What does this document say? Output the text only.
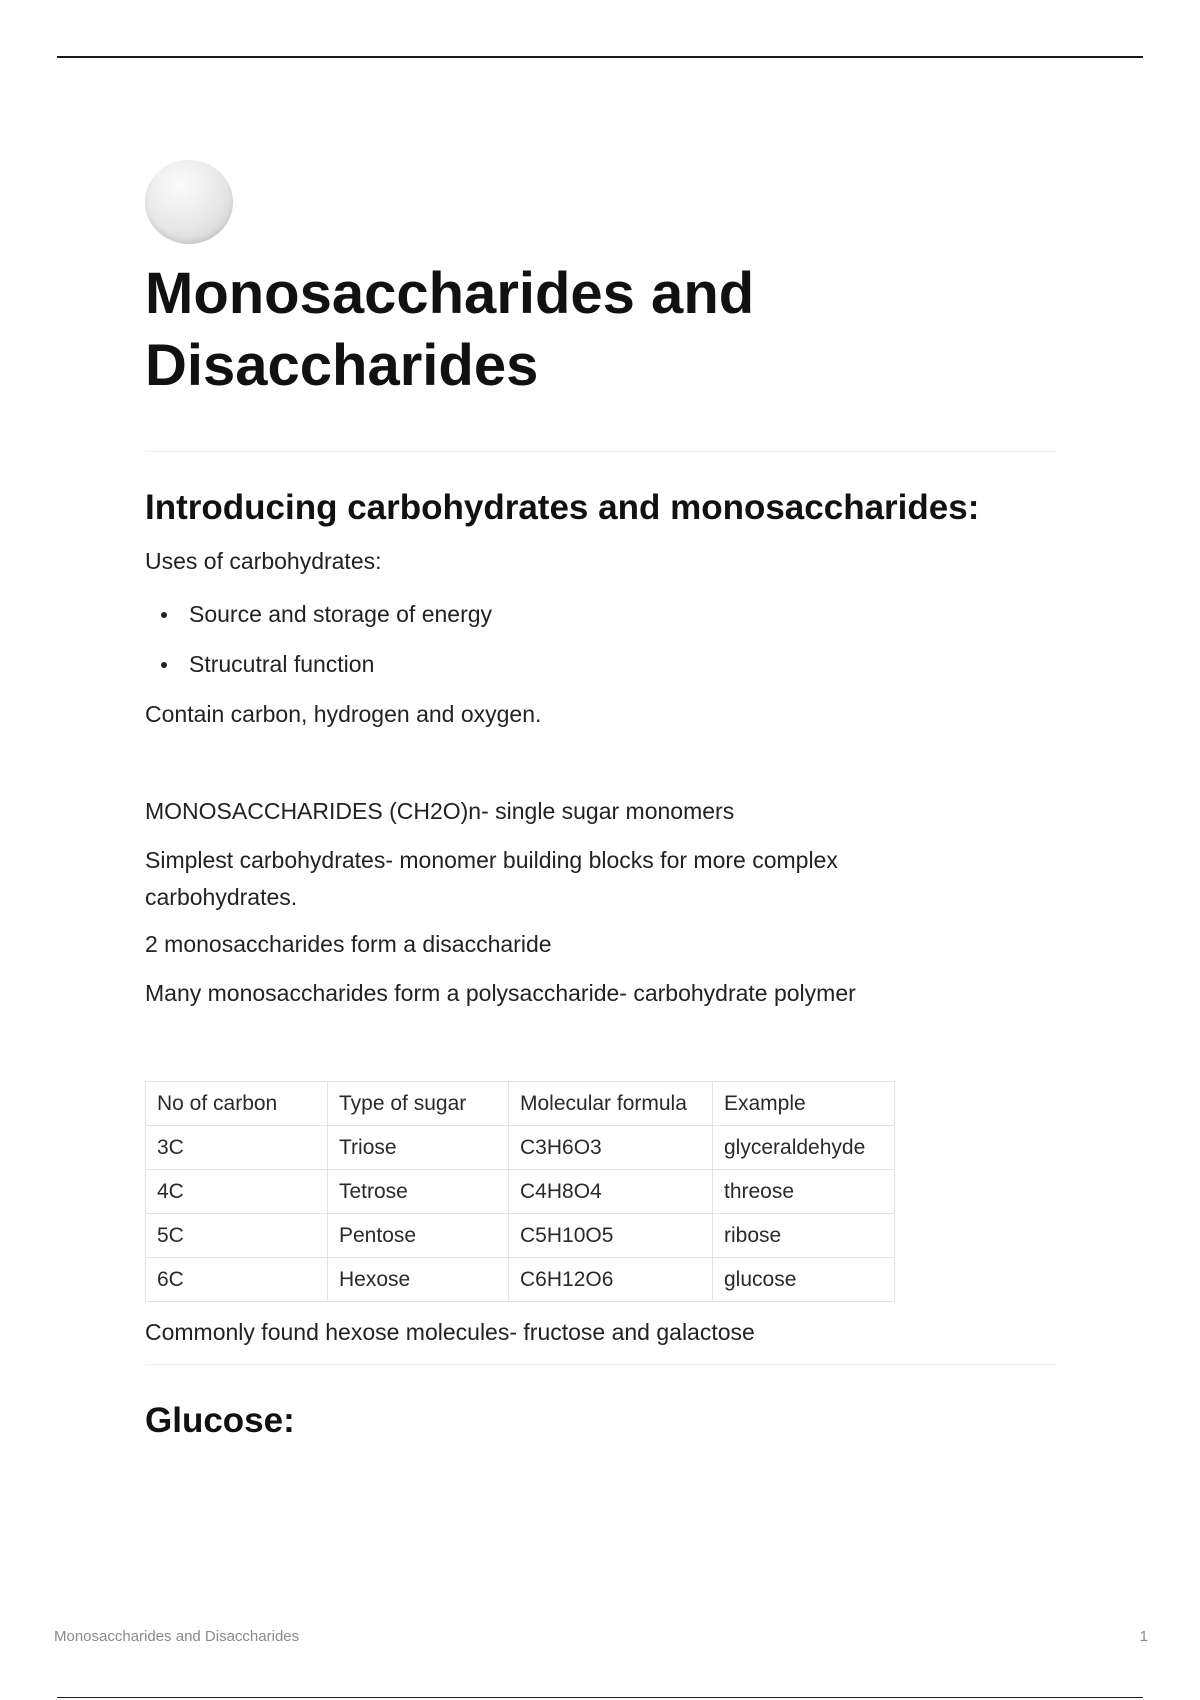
Monosaccharides and Disaccharides
Introducing carbohydrates and monosaccharides:

Uses of carbohydrates:

Source and storage of energy
Strucutral function

Contain carbon, hydrogen and oxygen.

MONOSACCHARIDES (CH2O)n- single sugar monomers

Simplest carbohydrates- monomer building blocks for more complex carbohydrates.

2 monosaccharides form a disaccharide

Many monosaccharides form a polysaccharide- carbohydrate polymer

No of carbon	Type of sugar	Molecular formula	Example
3C	Triose	C3H6O3	glyceraldehyde
4C	Tetrose	C4H8O4	threose
5C	Pentose	C5H10O5	ribose
6C	Hexose	C6H12O6	glucose

Commonly found hexose molecules- fructose and galactose

Glucose:
Monosaccharides and Disaccharides	1
